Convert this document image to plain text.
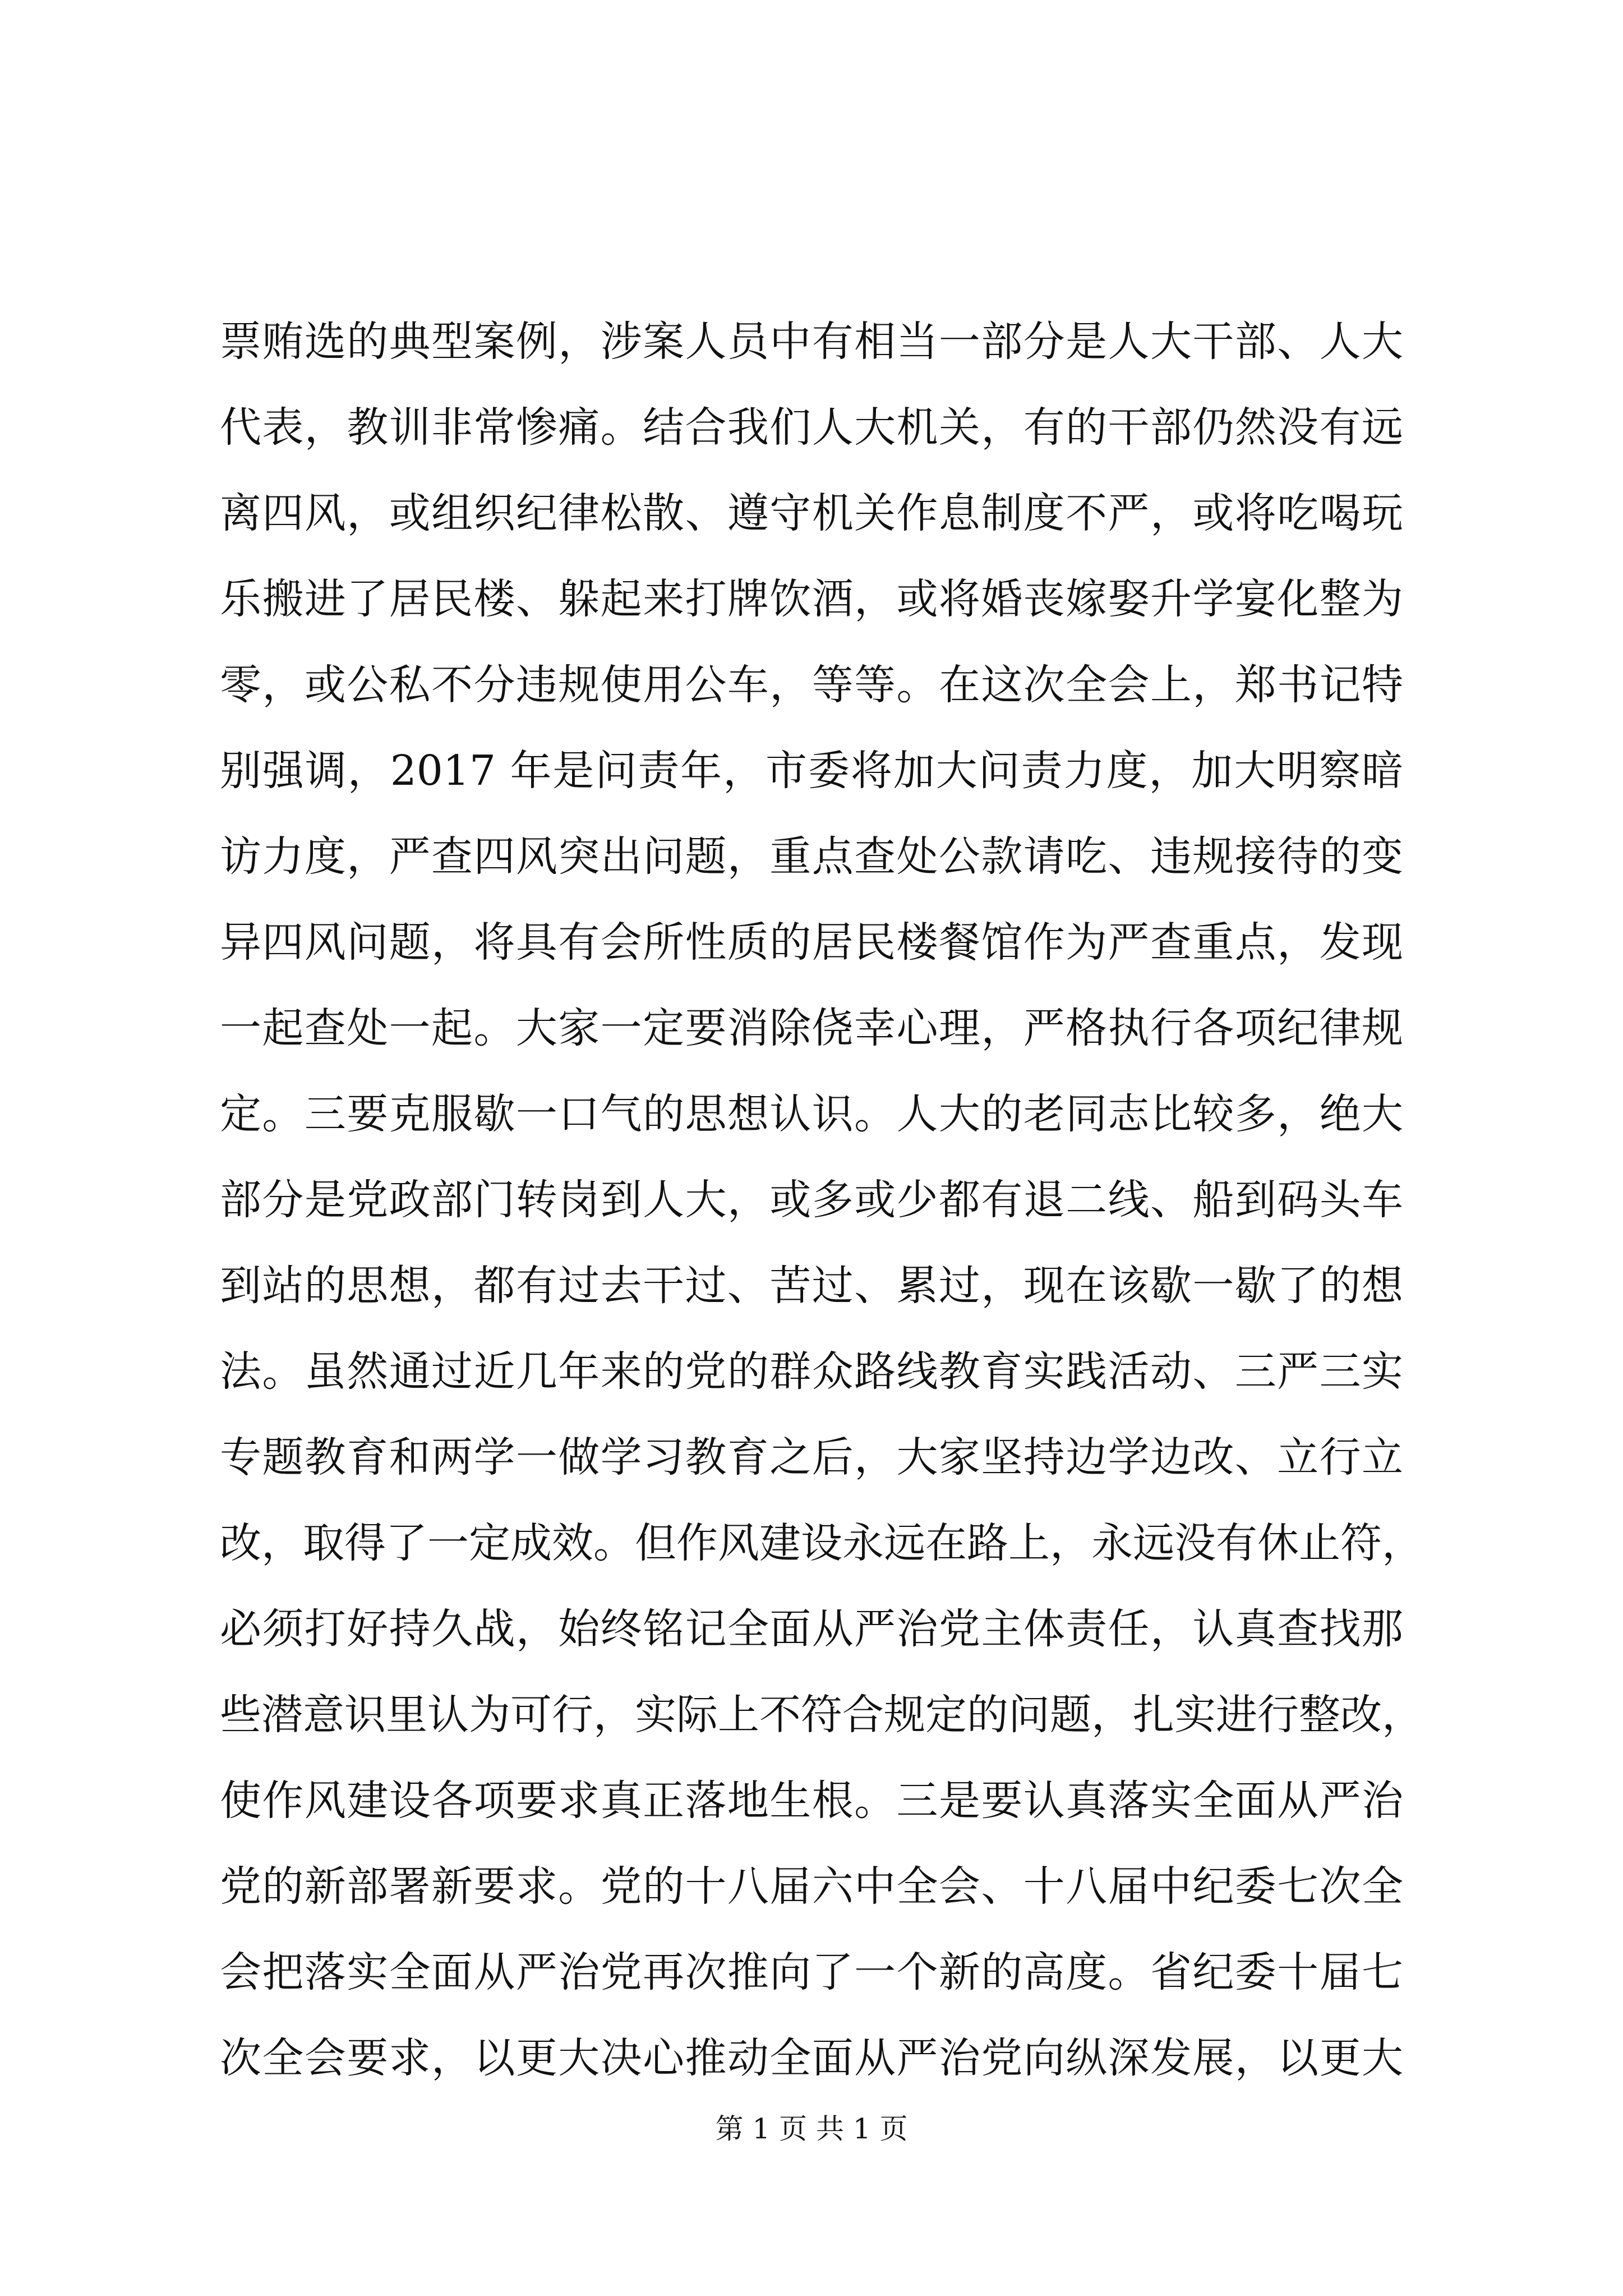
票贿选的典型案例，涉案人员中有相当一部分是人大干部、人大
代表，教训非常惨痛。结合我们人大机关，有的干部仍然没有远
离四风，或组织纪律松散、遵守机关作息制度不严，或将吃喝玩
乐搬进了居民楼、躲起来打牌饮酒，或将婚丧嫁娶升学宴化整为
零，或公私不分违规使用公车，等等。在这次全会上，郑书记特
别强调，2017 年是问责年，市委将加大问责力度，加大明察暗
访力度，严查四风突出问题，重点查处公款请吃、违规接待的变
异四风问题，将具有会所性质的居民楼餐馆作为严查重点，发现
一起查处一起。大家一定要消除侥幸心理，严格执行各项纪律规
定。三要克服歇一口气的思想认识。人大的老同志比较多，绝大
部分是党政部门转岗到人大，或多或少都有退二线、船到码头车
到站的思想，都有过去干过、苦过、累过，现在该歇一歇了的想
法。虽然通过近几年来的党的群众路线教育实践活动、三严三实
专题教育和两学一做学习教育之后，大家坚持边学边改、立行立
改，取得了一定成效。但作风建设永远在路上，永远没有休止符，
必须打好持久战，始终铭记全面从严治党主体责任，认真查找那
些潜意识里认为可行，实际上不符合规定的问题，扎实进行整改，
使作风建设各项要求真正落地生根。三是要认真落实全面从严治
党的新部署新要求。党的十八届六中全会、十八届中纪委七次全
会把落实全面从严治党再次推向了一个新的高度。省纪委十届七
次全会要求，以更大决心推动全面从严治党向纵深发展，以更大
第 1 页 共 1 页
